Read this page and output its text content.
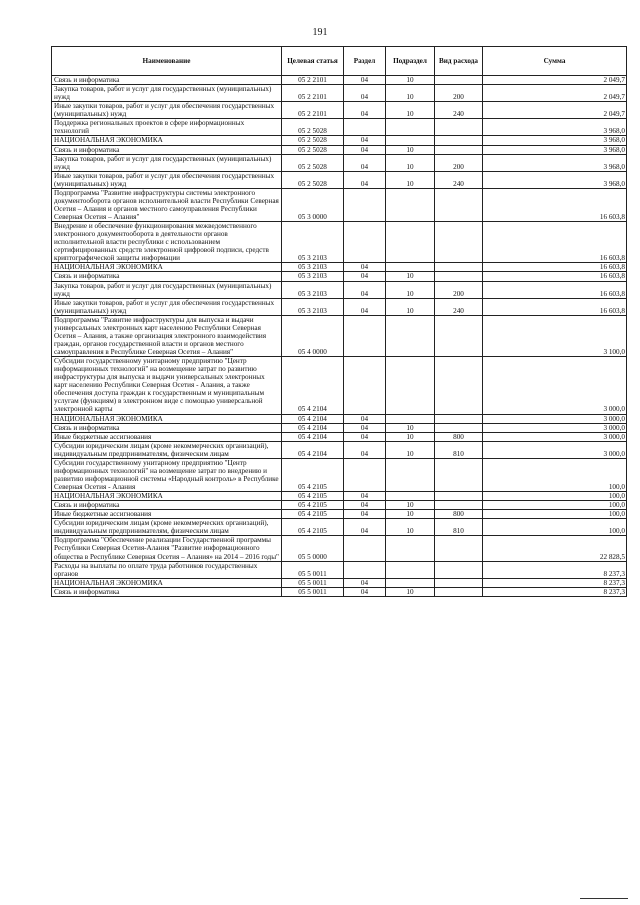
191
Наименование	Целевая статья	Раздел	Подраздел	Вид расхода	Сумма
Связь и информатика	05 2 2101	04	10		2 049,7
Закупка товаров, работ и услуг для государственных (муниципальных) нужд	05 2 2101	04	10	200	2 049,7
Иные закупки товаров, работ и услуг для обеспечения государственных (муниципальных) нужд	05 2 2101	04	10	240	2 049,7
Поддержка региональных проектов в сфере информационных технологий	05 2 5028				3 968,0
НАЦИОНАЛЬНАЯ ЭКОНОМИКА	05 2 5028	04			3 968,0
Связь и информатика	05 2 5028	04	10		3 968,0
Закупка товаров, работ и услуг для государственных (муниципальных) нужд	05 2 5028	04	10	200	3 968,0
Иные закупки товаров, работ и услуг для обеспечения государственных (муниципальных) нужд	05 2 5028	04	10	240	3 968,0
Подпрограмма "Развитие инфраструктуры системы электронного документооборота органов исполнительной власти Республики Северная Осетия – Алания и органов местного самоуправления Республики Северная Осетия – Алания"	05 3 0000				16 603,8
Внедрение и обеспечение функционирования межведомственного электронного документооборота в деятельности органов исполнительной власти республики с использованием сертифицированных средств электронной цифровой подписи, средств криптографической защиты информации	05 3 2103				16 603,8
НАЦИОНАЛЬНАЯ ЭКОНОМИКА	05 3 2103	04			16 603,8
Связь и информатика	05 3 2103	04	10		16 603,8
Закупка товаров, работ и услуг для государственных (муниципальных) нужд	05 3 2103	04	10	200	16 603,8
Иные закупки товаров, работ и услуг для обеспечения государственных (муниципальных) нужд	05 3 2103	04	10	240	16 603,8
Подпрограмма "Развитие инфраструктуры для выпуска и выдачи универсальных электронных карт населению Республики Северная Осетия – Алания, а также организация электронного взаимодействия граждан, органов государственной власти и органов местного самоуправления в Республике Северная Осетия – Алания"	05 4 0000				3 100,0
Субсидии государственному унитарному предприятию "Центр информационных технологий" на возмещение затрат по развитию инфраструктуры для выпуска и выдачи универсальных электронных карт населению Республики Северная Осетия - Алания, а также обеспечения доступа граждан к государственным и муниципальным услугам (функциям) в электронном виде с помощью универсальной электронной карты	05 4 2104				3 000,0
НАЦИОНАЛЬНАЯ ЭКОНОМИКА	05 4 2104	04			3 000,0
Связь и информатика	05 4 2104	04	10		3 000,0
Иные бюджетные ассигнования	05 4 2104	04	10	800	3 000,0
Субсидии юридическим лицам (кроме некоммерческих организаций), индивидуальным предпринимателям, физическим лицам	05 4 2104	04	10	810	3 000,0
Субсидии государственному унитарному предприятию "Центр информационных технологий" на возмещение затрат по внедрению и развитию информационной системы «Народный контроль» в Республике Северная Осетия - Алания	05 4 2105				100,0
НАЦИОНАЛЬНАЯ ЭКОНОМИКА	05 4 2105	04			100,0
Связь и информатика	05 4 2105	04	10		100,0
Иные бюджетные ассигнования	05 4 2105	04	10	800	100,0
Субсидии юридическим лицам (кроме некоммерческих организаций), индивидуальным предпринимателям, физическим лицам	05 4 2105	04	10	810	100,0
Подпрограмма "Обеспечение реализации Государственной программы Республики Северная Осетия-Алания "Развитие информационного общества в Республике Северная Осетия – Алания» на 2014 – 2016 годы"	05 5 0000				22 828,5
Расходы на выплаты по оплате труда работников государственных органов	05 5 0011				8 237,3
НАЦИОНАЛЬНАЯ ЭКОНОМИКА	05 5 0011	04			8 237,3
Связь и информатика	05 5 0011	04	10		8 237,3
